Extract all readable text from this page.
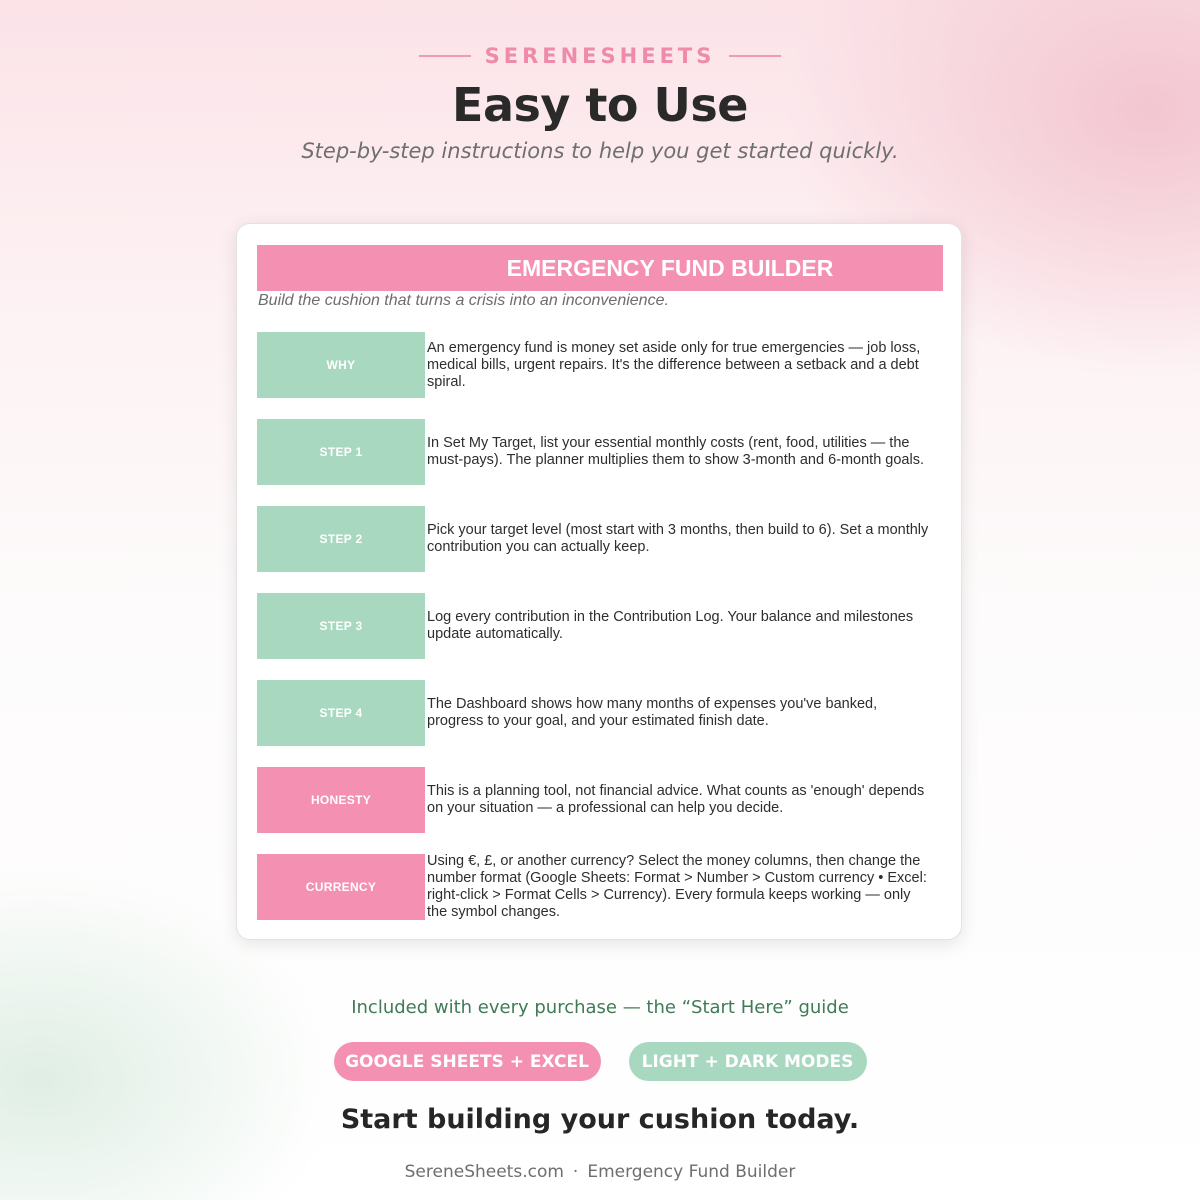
SERENESHEETS
Easy to Use
Step-by-step instructions to help you get started quickly.
EMERGENCY FUND BUILDER
Build the cushion that turns a crisis into an inconvenience.
WHY
An emergency fund is money set aside only for true emergencies — job loss, medical bills, urgent repairs. It's the difference between a setback and a debt spiral.
STEP 1
In Set My Target, list your essential monthly costs (rent, food, utilities — the must-pays). The planner multiplies them to show 3-month and 6-month goals.
STEP 2
Pick your target level (most start with 3 months, then build to 6). Set a monthly contribution you can actually keep.
STEP 3
Log every contribution in the Contribution Log. Your balance and milestones update automatically.
STEP 4
The Dashboard shows how many months of expenses you've banked, progress to your goal, and your estimated finish date.
HONESTY
This is a planning tool, not financial advice. What counts as 'enough' depends on your situation — a professional can help you decide.
CURRENCY
Using €, £, or another currency? Select the money columns, then change the number format (Google Sheets: Format > Number > Custom currency • Excel: right-click > Format Cells > Currency). Every formula keeps working — only the symbol changes.
Included with every purchase — the “Start Here” guide
GOOGLE SHEETS + EXCEL	LIGHT + DARK MODES
Start building your cushion today.
SereneSheets.com · Emergency Fund Builder
